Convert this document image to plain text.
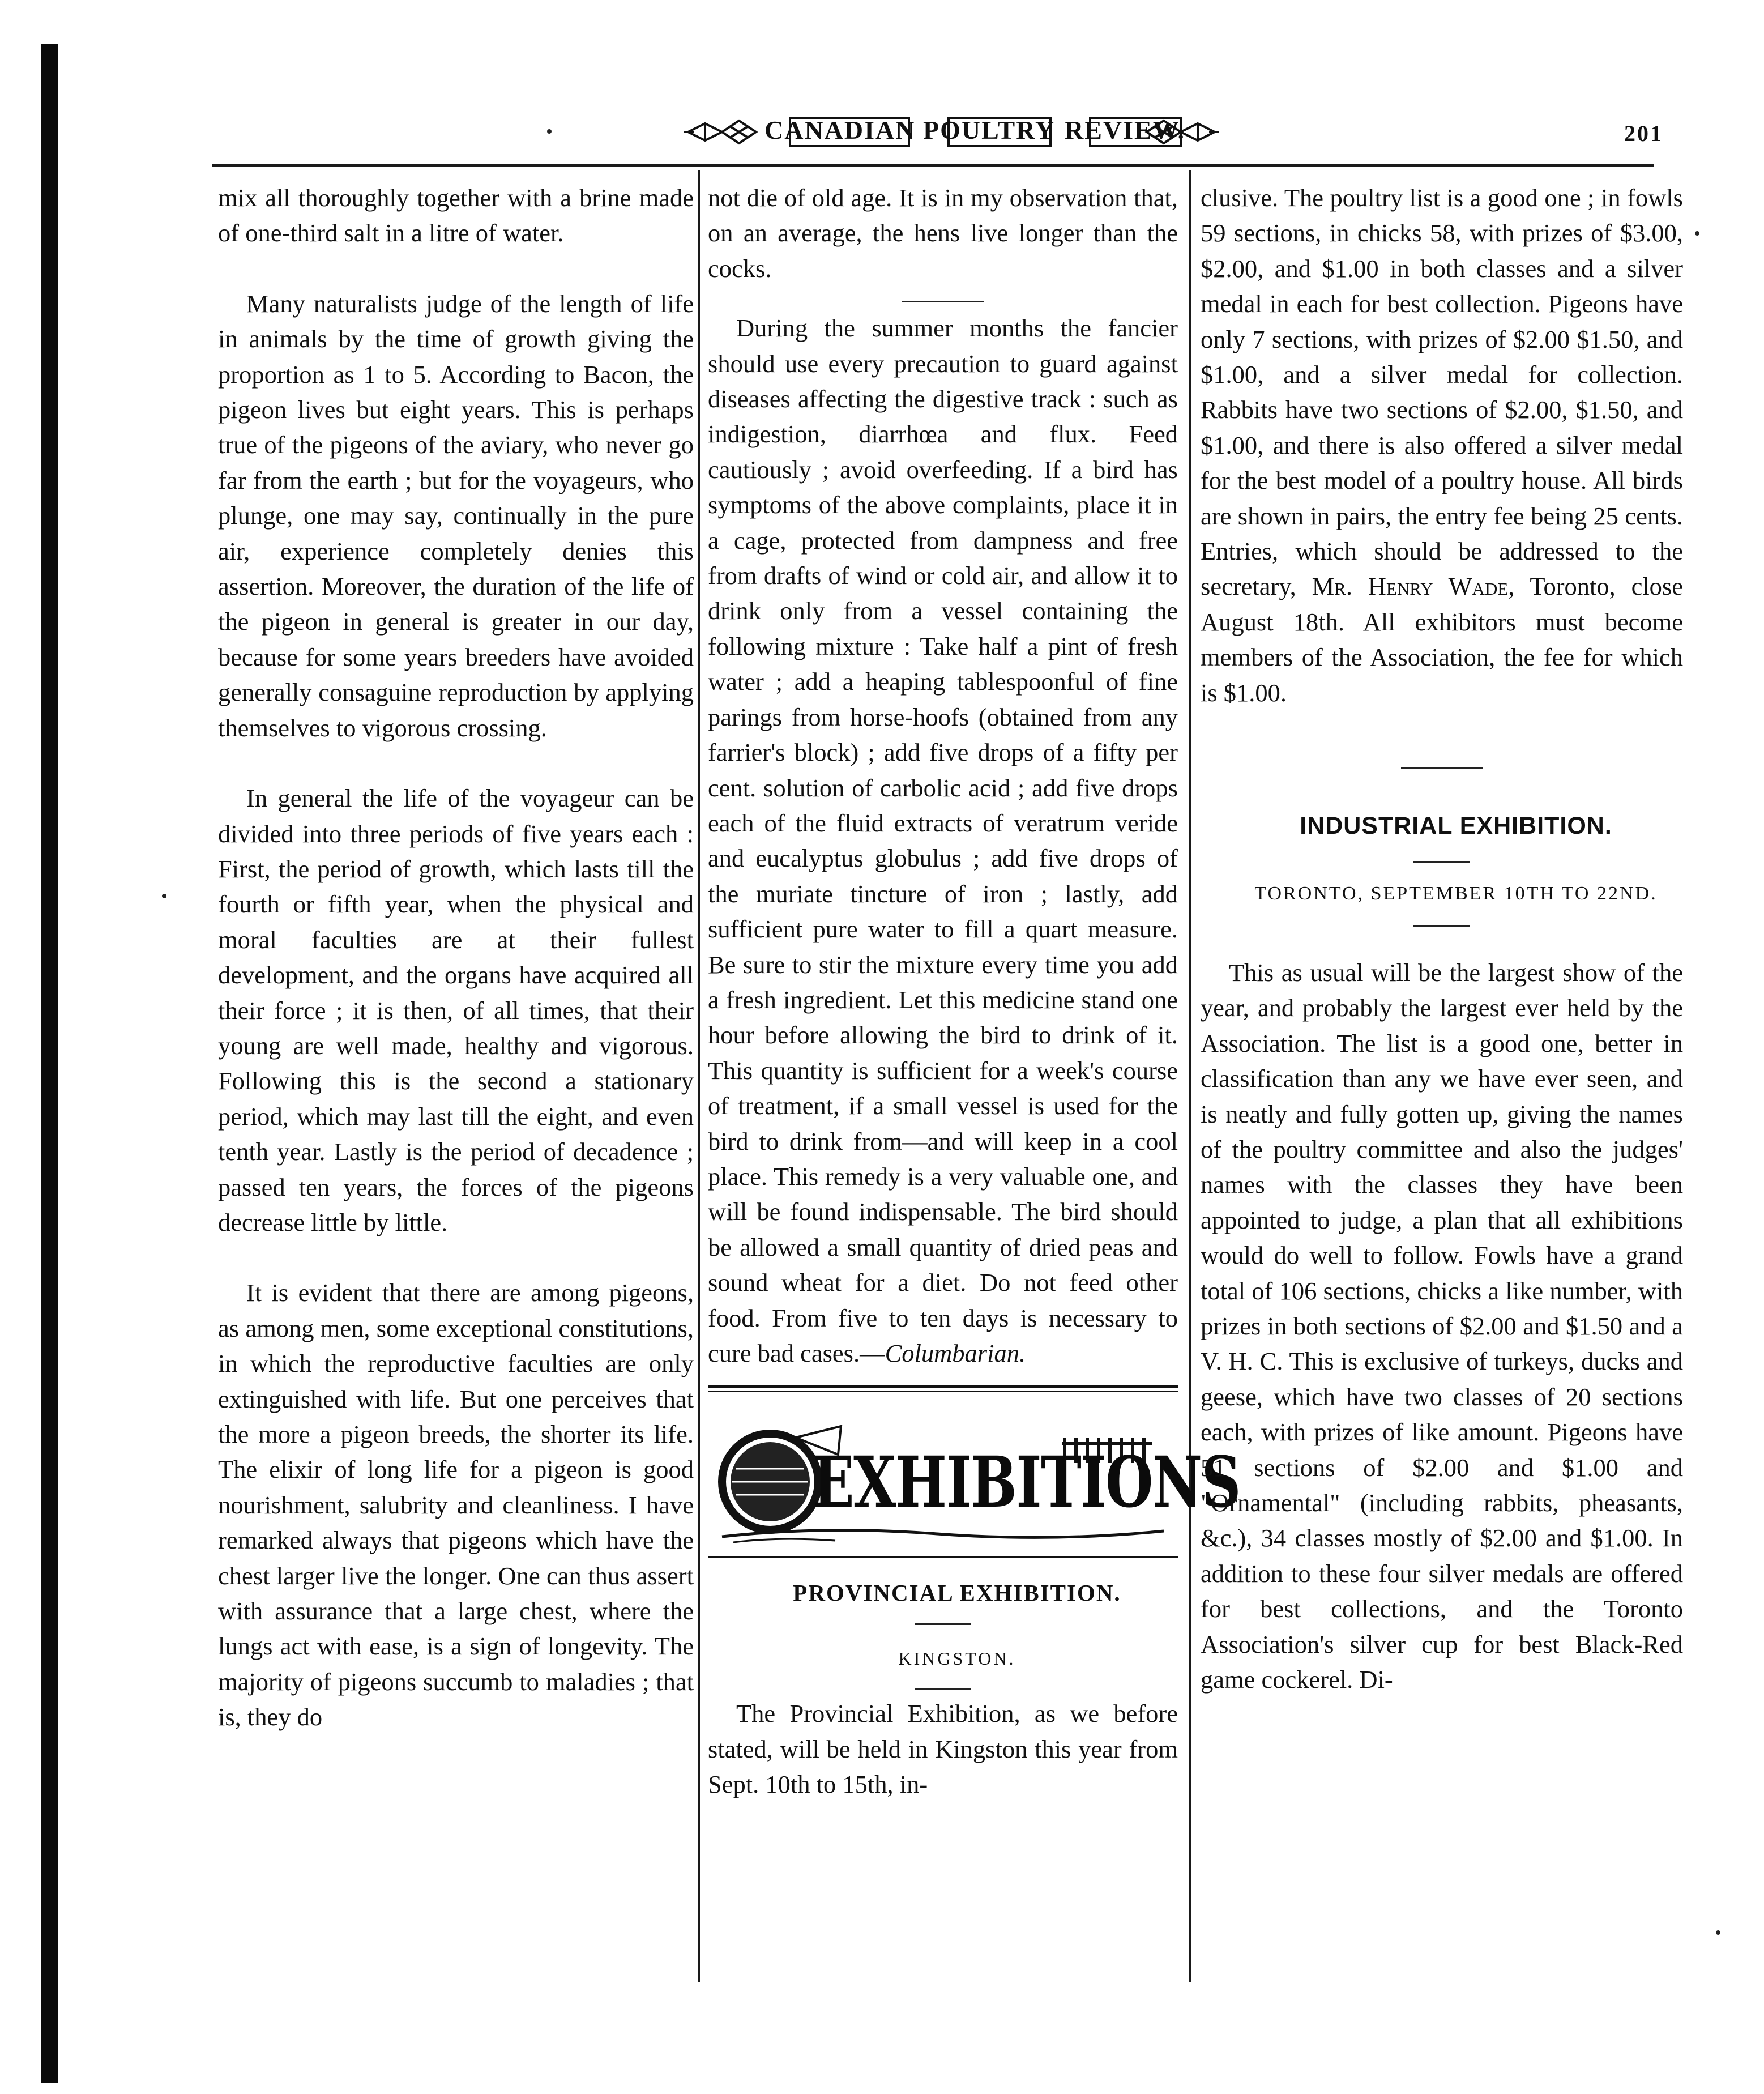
CANADIAN POULTRY REVIEW.	201

mix all thoroughly together with a brine made of one-third salt in a litre of water.

Many naturalists judge of the length of life in animals by the time of growth giving the proportion as 1 to 5. According to Bacon, the pigeon lives but eight years. This is perhaps true of the pigeons of the aviary, who never go far from the earth ; but for the voyageurs, who plunge, one may say, continually in the pure air, experience completely denies this assertion. Moreover, the duration of the life of the pigeon in general is greater in our day, because for some years breeders have avoided generally consaguine reproduction by applying themselves to vigorous crossing.

In general the life of the voyageur can be divided into three periods of five years each : First, the period of growth, which lasts till the fourth or fifth year, when the physical and moral faculties are at their fullest development, and the organs have acquired all their force ; it is then, of all times, that their young are well made, healthy and vigorous. Following this is the second a stationary period, which may last till the eight, and even tenth year. Lastly is the period of decadence ; passed ten years, the forces of the pigeons decrease little by little.

It is evident that there are among pigeons, as among men, some exceptional constitutions, in which the reproductive faculties are only extinguished with life. But one perceives that the more a pigeon breeds, the shorter its life. The elixir of long life for a pigeon is good nourishment, salubrity and cleanliness. I have remarked always that pigeons which have the chest larger live the longer. One can thus assert with assurance that a large chest, where the lungs act with ease, is a sign of longevity. The majority of pigeons succumb to maladies ; that is, they do

not die of old age. It is in my observation that, on an average, the hens live longer than the cocks.

During the summer months the fancier should use every precaution to guard against diseases affecting the digestive track : such as indigestion, diarrhœa and flux. Feed cautiously ; avoid overfeeding. If a bird has symptoms of the above complaints, place it in a cage, protected from dampness and free from drafts of wind or cold air, and allow it to drink only from a vessel containing the following mixture : Take half a pint of fresh water ; add a heaping tablespoonful of fine parings from horse-hoofs (obtained from any farrier's block) ; add five drops of a fifty per cent. solution of carbolic acid ; add five drops each of the fluid extracts of veratrum veride and eucalyptus globulus ; add five drops of the muriate tincture of iron ; lastly, add sufficient pure water to fill a quart measure. Be sure to stir the mixture every time you add a fresh ingredient. Let this medicine stand one hour before allowing the bird to drink of it. This quantity is sufficient for a week's course of treatment, if a small vessel is used for the bird to drink from—and will keep in a cool place. This remedy is a very valuable one, and will be found indispensable. The bird should be allowed a small quantity of dried peas and sound wheat for a diet. Do not feed other food. From five to ten days is necessary to cure bad cases.—Columbarian.

EXHIBITIONS

PROVINCIAL EXHIBITION.

KINGSTON.

The Provincial Exhibition, as we before stated, will be held in Kingston this year from Sept. 10th to 15th, in-

clusive. The poultry list is a good one ; in fowls 59 sections, in chicks 58, with prizes of $3.00, $2.00, and $1.00 in both classes and a silver medal in each for best collection. Pigeons have only 7 sections, with prizes of $2.00 $1.50, and $1.00, and a silver medal for collection. Rabbits have two sections of $2.00, $1.50, and $1.00, and there is also offered a silver medal for the best model of a poultry house. All birds are shown in pairs, the entry fee being 25 cents. Entries, which should be addressed to the secretary, Mr. Henry Wade, Toronto, close August 18th. All exhibitors must become members of the Association, the fee for which is $1.00.

INDUSTRIAL EXHIBITION.

TORONTO, SEPTEMBER 10TH TO 22ND.

This as usual will be the largest show of the year, and probably the largest ever held by the Association. The list is a good one, better in classification than any we have ever seen, and is neatly and fully gotten up, giving the names of the poultry committee and also the judges' names with the classes they have been appointed to judge, a plan that all exhibitions would do well to follow. Fowls have a grand total of 106 sections, chicks a like number, with prizes in both sections of $2.00 and $1.50 and a V. H. C. This is exclusive of turkeys, ducks and geese, which have two classes of 20 sections each, with prizes of like amount. Pigeons have 51 sections of $2.00 and $1.00 and "Ornamental" (including rabbits, pheasants, &c.), 34 classes mostly of $2.00 and $1.00. In addition to these four silver medals are offered for best collections, and the Toronto Association's silver cup for best Black-Red game cockerel. Di-
